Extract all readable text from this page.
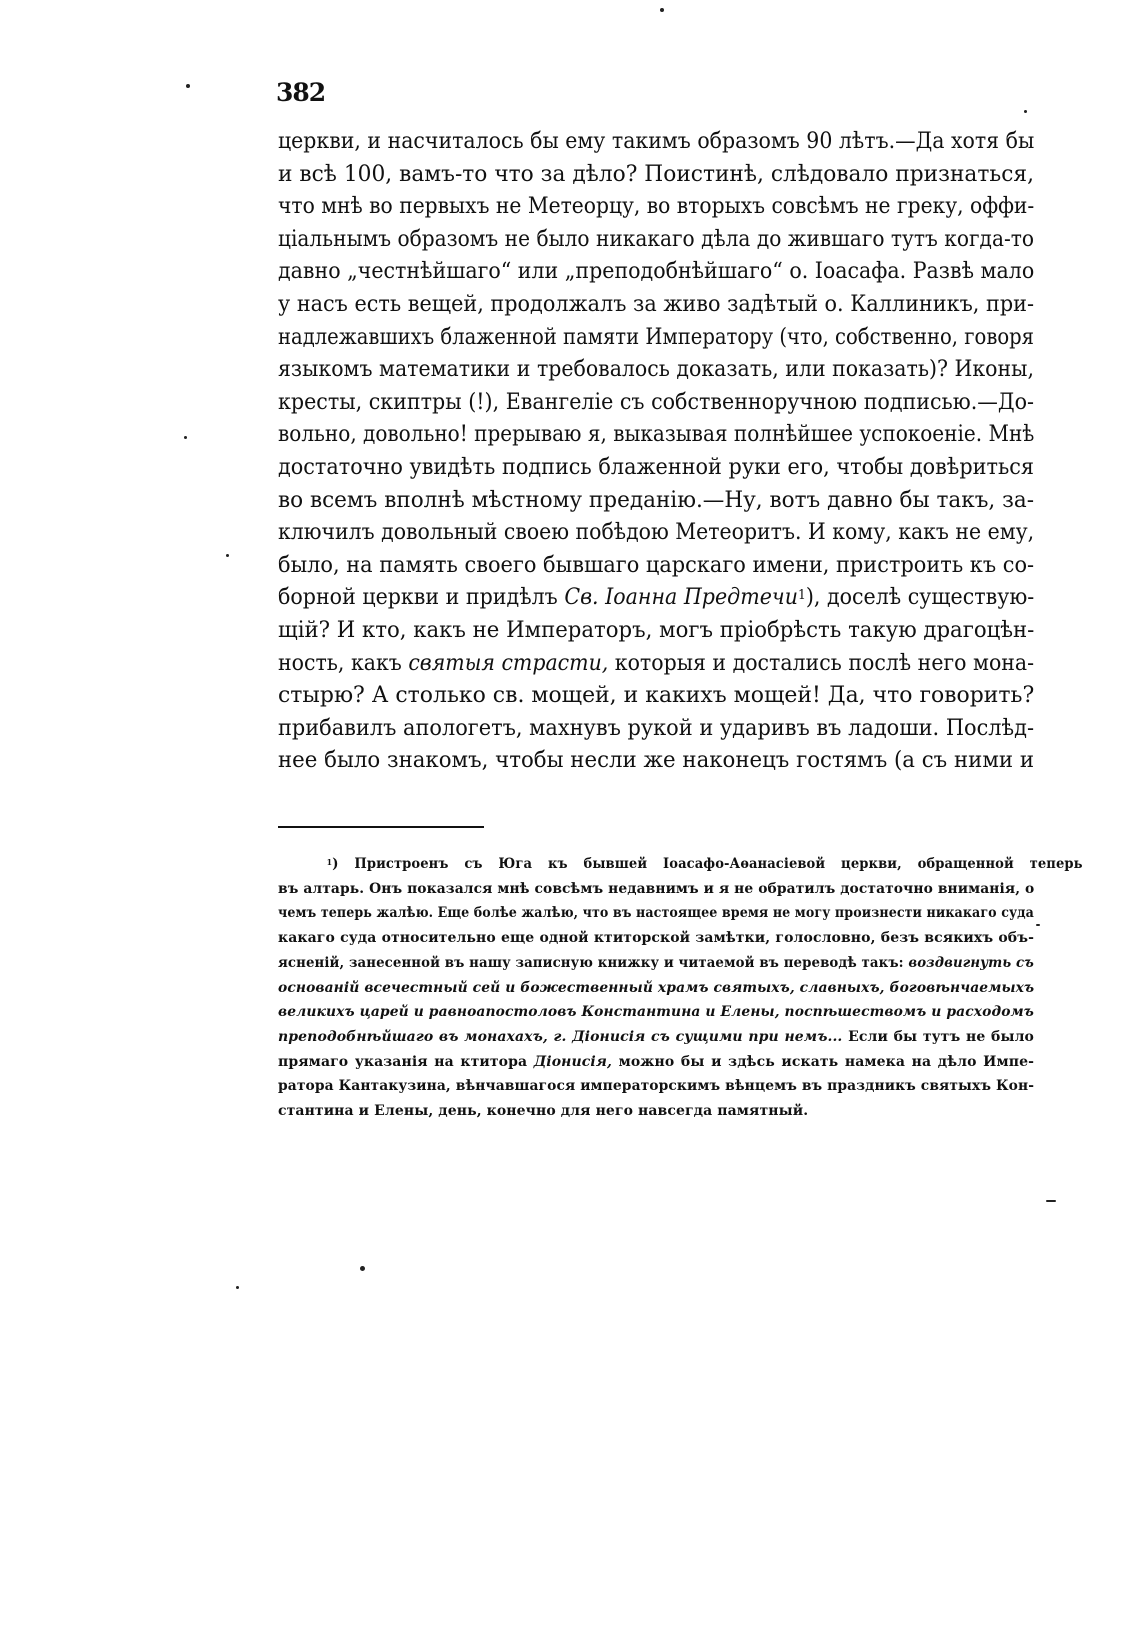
382

церкви, и насчиталось бы ему такимъ образомъ 90 лѣтъ.—Да хотя бы
и всѣ 100, вамъ-то что за дѣло? Поистинѣ, слѣдовало признаться,
что мнѣ во первыхъ не Метеорцу, во вторыхъ совсѣмъ не греку, оффи-
ціальнымъ образомъ не было никакаго дѣла до жившаго тутъ когда-то
давно „честнѣйшаго“ или „преподобнѣйшаго“ о. Іоасафа. Развѣ мало
у насъ есть вещей, продолжалъ за живо задѣтый о. Каллиникъ, при-
надлежавшихъ блаженной памяти Императору (что, собственно, говоря
языкомъ математики и требовалось доказать, или показать)? Иконы,
кресты, скиптры (!), Евангеліе съ собственноручною подписью.—До-
вольно, довольно! прерываю я, выказывая полнѣйшее успокоеніе. Мнѣ
достаточно увидѣть подпись блаженной руки его, чтобы довѣриться
во всемъ вполнѣ мѣстному преданію.—Ну, вотъ давно бы такъ, за-
ключилъ довольный своею побѣдою Метеоритъ. И кому, какъ не ему,
было, на память своего бывшаго царскаго имени, пристроить къ со-
борной церкви и придѣлъ Св. Іоанна Предтечи$^1$), доселѣ существую-
щій? И кто, какъ не Императоръ, могъ пріобрѣсть такую драгоцѣн-
ность, какъ святыя страсти, которыя и достались послѣ него мона-
стырю? А столько св. мощей, и какихъ мощей! Да, что говорить?
прибавилъ апологетъ, махнувъ рукой и ударивъ въ ладоши. Послѣд-
нее было знакомъ, чтобы несли же наконецъ гостямъ (а съ ними и
$^1$) Пристроенъ съ Юга къ бывшей Іоасафо-Аѳанасіевой церкви, обращенной теперь
въ алтарь. Онъ показался мнѣ совсѣмъ недавнимъ и я не обратилъ достаточно вниманія, о
чемъ теперь жалѣю. Еще болѣе жалѣю, что въ настоящее время не могу произнести никакаго суда
какаго суда относительно еще одной ктиторской замѣтки, голословно, безъ всякихъ объ-
ясненій, занесенной въ нашу записную книжку и читаемой въ переводѣ такъ: воздвигнуть съ
основаній всечестный сей и божественный храмъ святыхъ, славныхъ, боговѣнчаемыхъ
великихъ царей и равноапостоловъ Константина и Елены, поспѣшествомъ и расходомъ
преподобнѣйшаго въ монахахъ, г. Діонисія съ сущими при немъ... Если бы тутъ не было
прямаго указанія на ктитора Діонисія, можно бы и здѣсь искать намека на дѣло Импе-
ратора Кантакузина, вѣнчавшагося императорскимъ вѣнцемъ въ праздникъ святыхъ Кон-
стантина и Елены, день, конечно для него навсегда памятный.
